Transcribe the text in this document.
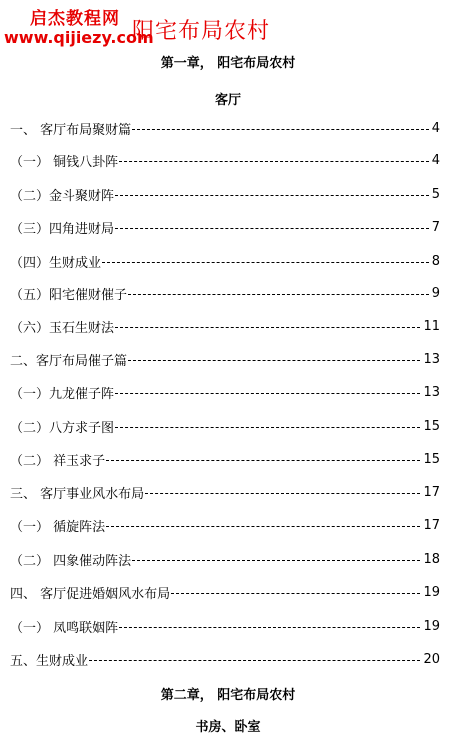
启杰教程网
www.qijiezy.com
阳宅布局农村
第一章， 阳宅布局农村
客厅
一、 客厅布局聚财篇	4
（一） 铜钱八卦阵	4
（二）金斗聚财阵	5
（三）四角进财局	7
（四）生财成业	8
（五）阳宅催财催子	9
（六）玉石生财法	11
二、客厅布局催子篇	13
（一）九龙催子阵	13
（二）八方求子图	15
（二） 祥玉求子	15
三、 客厅事业风水布局	17
（一） 循旋阵法	17
（二） 四象催动阵法	18
四、 客厅促进婚姻风水布局	19
（一） 凤鸣联姻阵	19
五、生财成业	20
第二章， 阳宅布局农村
书房、卧室
